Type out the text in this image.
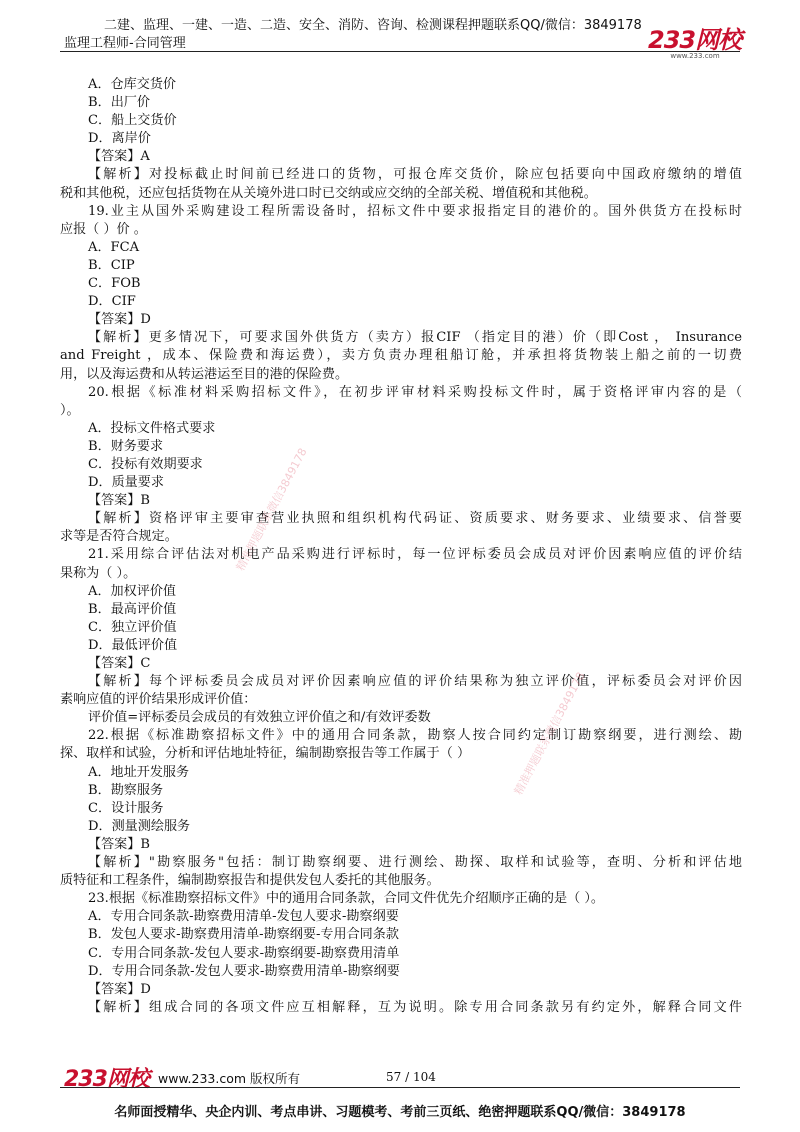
二建、监理、一建、一造、二造、安全、消防、咨询、检测课程押题联系QQ/微信：3849178
监理工程师-合同管理	233网校
www.233.com
A．仓库交货价
B．出厂价
C．船上交货价
D．离岸价
【答案】A
【解析】对投标截止时间前已经进口的货物，可报仓库交货价，除应包括要向中国政府缴纳的增值
税和其他税，还应包括货物在从关境外进口时已交纳或应交纳的全部关税、增值税和其他税。
19.业主从国外采购建设工程所需设备时，招标文件中要求报指定目的港价的。国外供货方在投标时
应报（ ）价 。
A．FCA
B．CIP
C．FOB
D．CIF
【答案】D
【解析】更多情况下，可要求国外供货方（卖方）报CIF （指定目的港）价（即Cost ， Insurance
and Freight ，成本、保险费和海运费），卖方负责办理租船订舱，并承担将货物装上船之前的一切费
用，以及海运费和从转运港运至目的港的保险费。
20.根据《标准材料采购招标文件》，在初步评审材料采购投标文件时，属于资格评审内容的是（
）。
A．投标文件格式要求
B．财务要求
C．投标有效期要求
D．质量要求
【答案】B
【解析】资格评审主要审查营业执照和组织机构代码证、资质要求、财务要求、业绩要求、信誉要
求等是否符合规定。
21.采用综合评估法对机电产品采购进行评标时，每一位评标委员会成员对评价因素响应值的评价结
果称为（ ）。
A．加权评价值
B．最高评价值
C．独立评价值
D．最低评价值
【答案】C
【解析】每个评标委员会成员对评价因素响应值的评价结果称为独立评价值，评标委员会对评价因
素响应值的评价结果形成评价值：
评价值=评标委员会成员的有效独立评价值之和/有效评委数
22.根据《标准勘察招标文件》中的通用合同条款，勘察人按合同约定制订勘察纲要，进行测绘、勘
探、取样和试验，分析和评估地址特征，编制勘察报告等工作属于（ ）
A．地址开发服务
B．勘察服务
C．设计服务
D．测量测绘服务
【答案】B
【解析】"勘察服务"包括：制订勘察纲要、进行测绘、勘探、取样和试验等，查明、分析和评估地
质特征和工程条件，编制勘察报告和提供发包人委托的其他服务。
23.根据《标准勘察招标文件》中的通用合同条款，合同文件优先介绍顺序正确的是（ ）。
A．专用合同条款-勘察费用清单-发包人要求-勘察纲要
B．发包人要求-勘察费用清单-勘察纲要-专用合同条款
C．专用合同条款-发包人要求-勘察纲要-勘察费用清单
D．专用合同条款-发包人要求-勘察费用清单-勘察纲要
【答案】D
【解析】组成合同的各项文件应互相解释，互为说明。除专用合同条款另有约定外，解释合同文件
精准押题联系微信3849178
精准押题联系微信3849178
233网校 www.233.com 版权所有	57 / 104
名师面授精华、央企内训、考点串讲、习题模考、考前三页纸、绝密押题联系QQ/微信：3849178
